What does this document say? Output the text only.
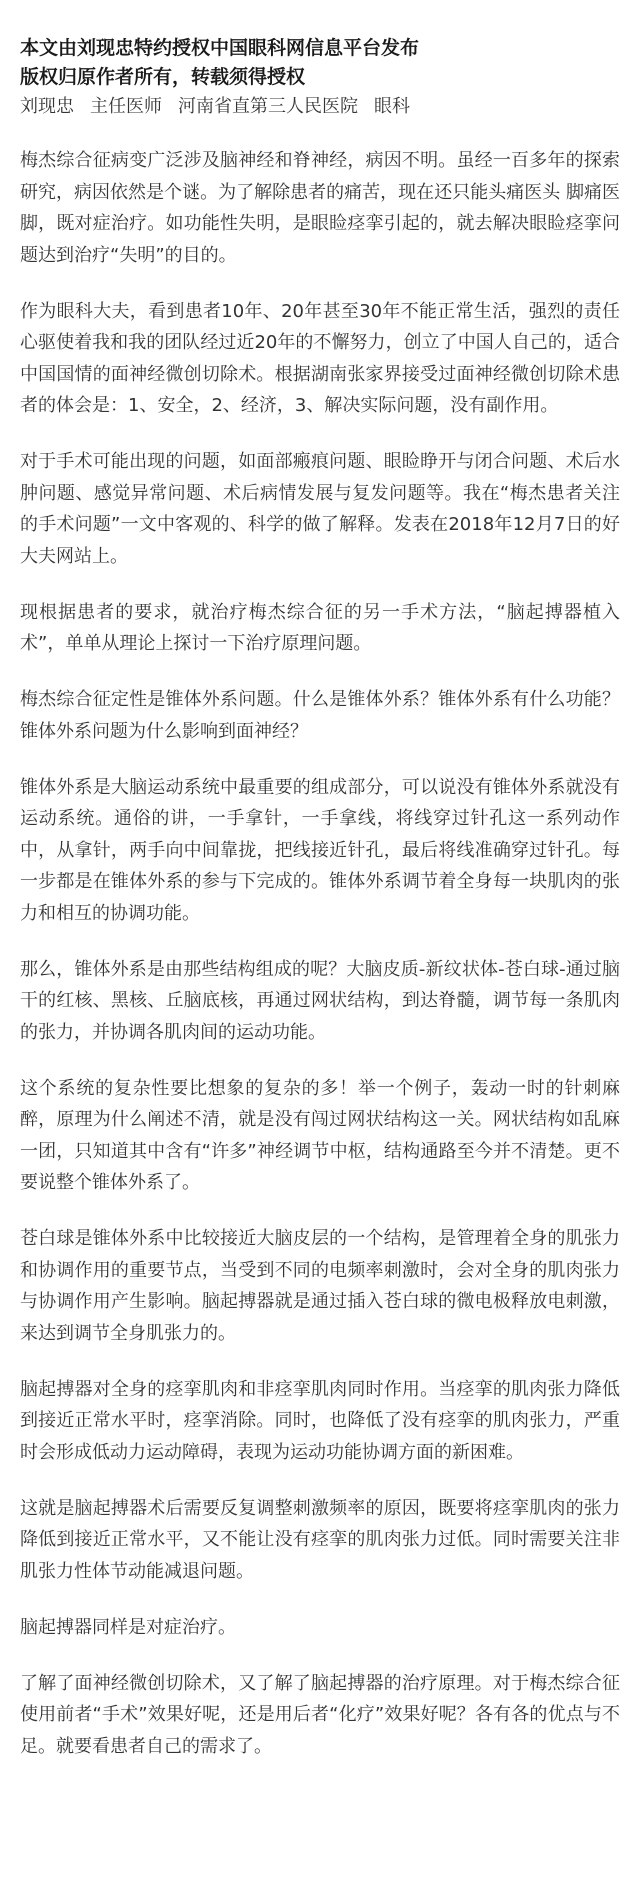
本文由刘现忠特约授权中国眼科网信息平台发布
版权归原作者所有，转载须得授权
刘现忠 主任医师 河南省直第三人民医院 眼科

梅杰综合征病变广泛涉及脑神经和脊神经，病因不明。虽经一百多年的探索研究，病因依然是个谜。为了解除患者的痛苦，现在还只能头痛医头 脚痛医脚，既对症治疗。如功能性失明，是眼睑痉挛引起的，就去解决眼睑痉挛问题达到治疗“失明”的目的。

作为眼科大夫，看到患者10年、20年甚至30年不能正常生活，强烈的责任心驱使着我和我的团队经过近20年的不懈努力，创立了中国人自己的，适合中国国情的面神经微创切除术。根据湖南张家界接受过面神经微创切除术患者的体会是：1、安全，2、经济，3、解决实际问题，没有副作用。

对于手术可能出现的问题，如面部瘢痕问题、眼睑睁开与闭合问题、术后水肿问题、感觉异常问题、术后病情发展与复发问题等。我在“梅杰患者关注的手术问题”一文中客观的、科学的做了解释。发表在2018年12月7日的好大夫网站上。

现根据患者的要求，就治疗梅杰综合征的另一手术方法，“脑起搏器植入术”，单单从理论上探讨一下治疗原理问题。

梅杰综合征定性是锥体外系问题。什么是锥体外系？锥体外系有什么功能？锥体外系问题为什么影响到面神经？

锥体外系是大脑运动系统中最重要的组成部分，可以说没有锥体外系就没有运动系统。通俗的讲，一手拿针，一手拿线，将线穿过针孔这一系列动作中，从拿针，两手向中间靠拢，把线接近针孔，最后将线准确穿过针孔。每一步都是在锥体外系的参与下完成的。锥体外系调节着全身每一块肌肉的张力和相互的协调功能。

那么，锥体外系是由那些结构组成的呢？大脑皮质-新纹状体-苍白球-通过脑干的红核、黑核、丘脑底核，再通过网状结构，到达脊髓，调节每一条肌肉的张力，并协调各肌肉间的运动功能。

这个系统的复杂性要比想象的复杂的多！举一个例子，轰动一时的针刺麻醉，原理为什么阐述不清，就是没有闯过网状结构这一关。网状结构如乱麻一团，只知道其中含有“许多”神经调节中枢，结构通路至今并不清楚。更不要说整个锥体外系了。

苍白球是锥体外系中比较接近大脑皮层的一个结构，是管理着全身的肌张力和协调作用的重要节点，当受到不同的电频率刺激时，会对全身的肌肉张力与协调作用产生影响。脑起搏器就是通过插入苍白球的微电极释放电刺激，来达到调节全身肌张力的。

脑起搏器对全身的痉挛肌肉和非痉挛肌肉同时作用。当痉挛的肌肉张力降低到接近正常水平时，痉挛消除。同时，也降低了没有痉挛的肌肉张力，严重时会形成低动力运动障碍，表现为运动功能协调方面的新困难。

这就是脑起搏器术后需要反复调整刺激频率的原因，既要将痉挛肌肉的张力降低到接近正常水平，又不能让没有痉挛的肌肉张力过低。同时需要关注非肌张力性体节动能减退问题。

脑起搏器同样是对症治疗。

了解了面神经微创切除术，又了解了脑起搏器的治疗原理。对于梅杰综合征使用前者“手术”效果好呢，还是用后者“化疗”效果好呢？各有各的优点与不足。就要看患者自己的需求了。
